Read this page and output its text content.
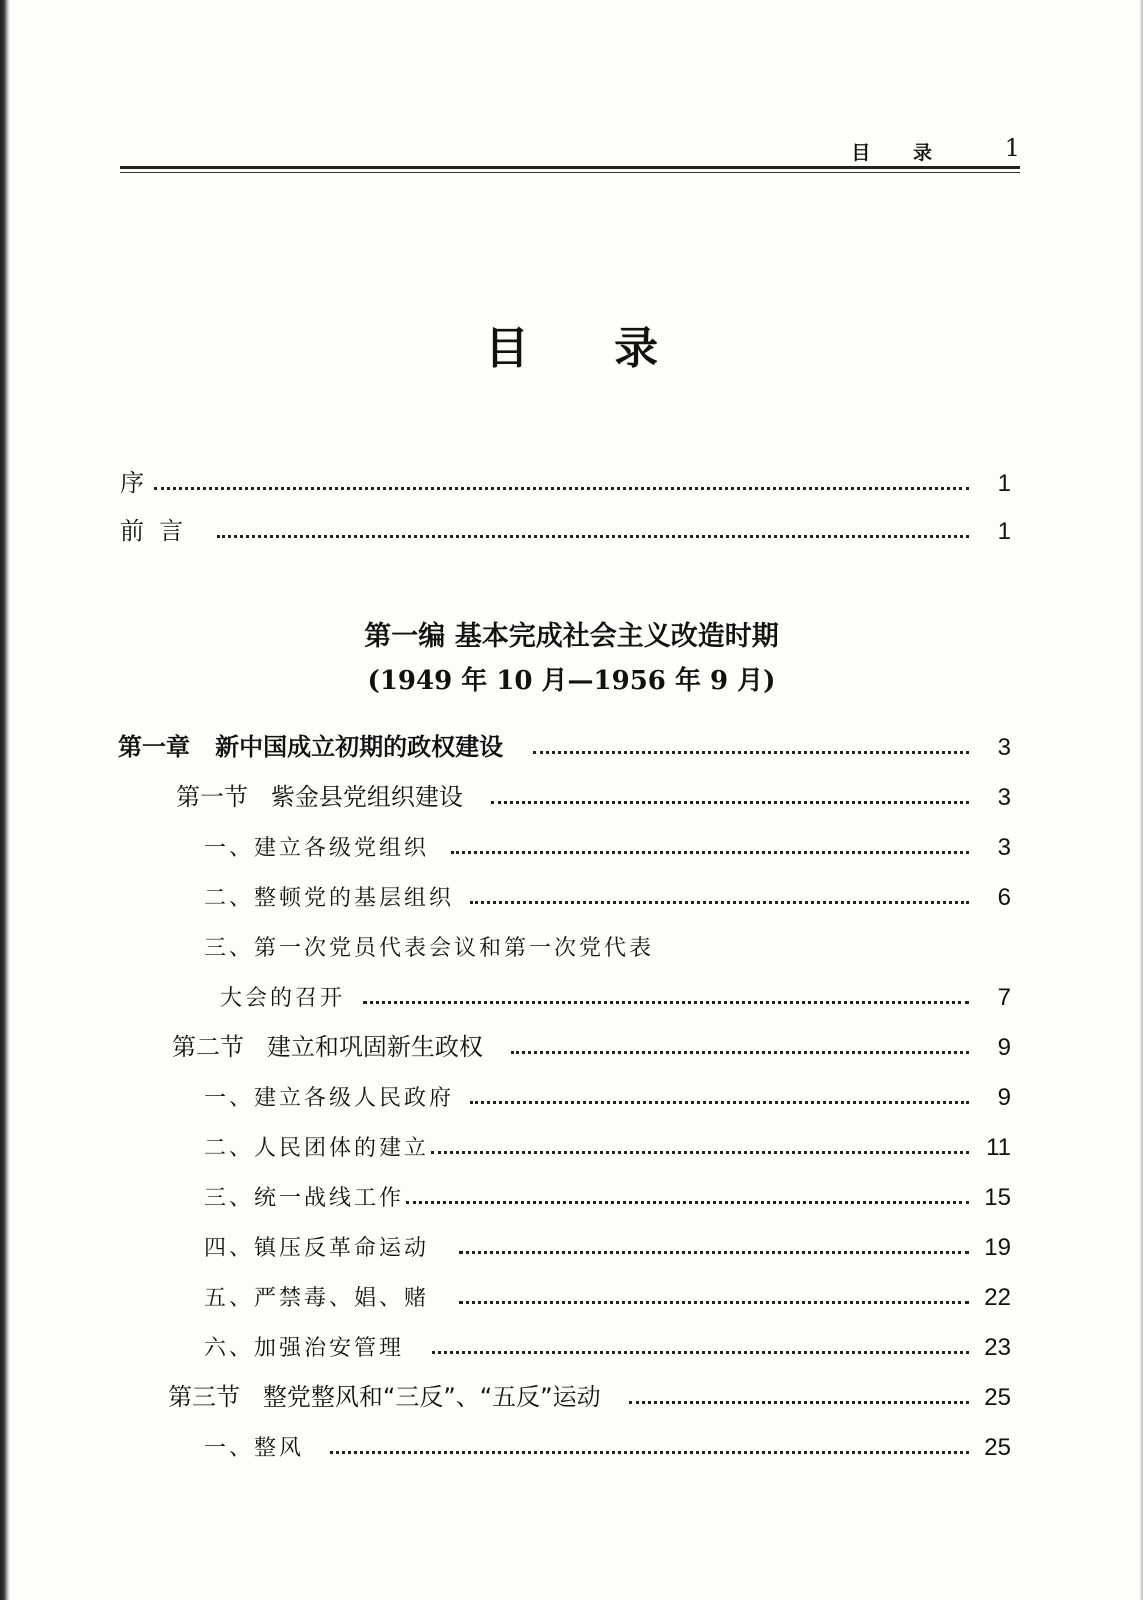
目 录 1
目 录
序	1
前  言	1
第一编 基本完成社会主义改造时期
(1949 年 10 月—1956 年 9 月)
第一章   新中国成立初期的政权建设	3
第一节   紫金县党组织建设	3
一、建立各级党组织	3
二、整顿党的基层组织	6
三、第一次党员代表会议和第一次党代表
大会的召开	7
第二节   建立和巩固新生政权	9
一、建立各级人民政府	9
二、人民团体的建立	11
三、统一战线工作	15
四、镇压反革命运动	19
五、严禁毒、娼、赌	22
六、加强治安管理	23
第三节   整党整风和“三反”、“五反”运动	25
一、整风	25
